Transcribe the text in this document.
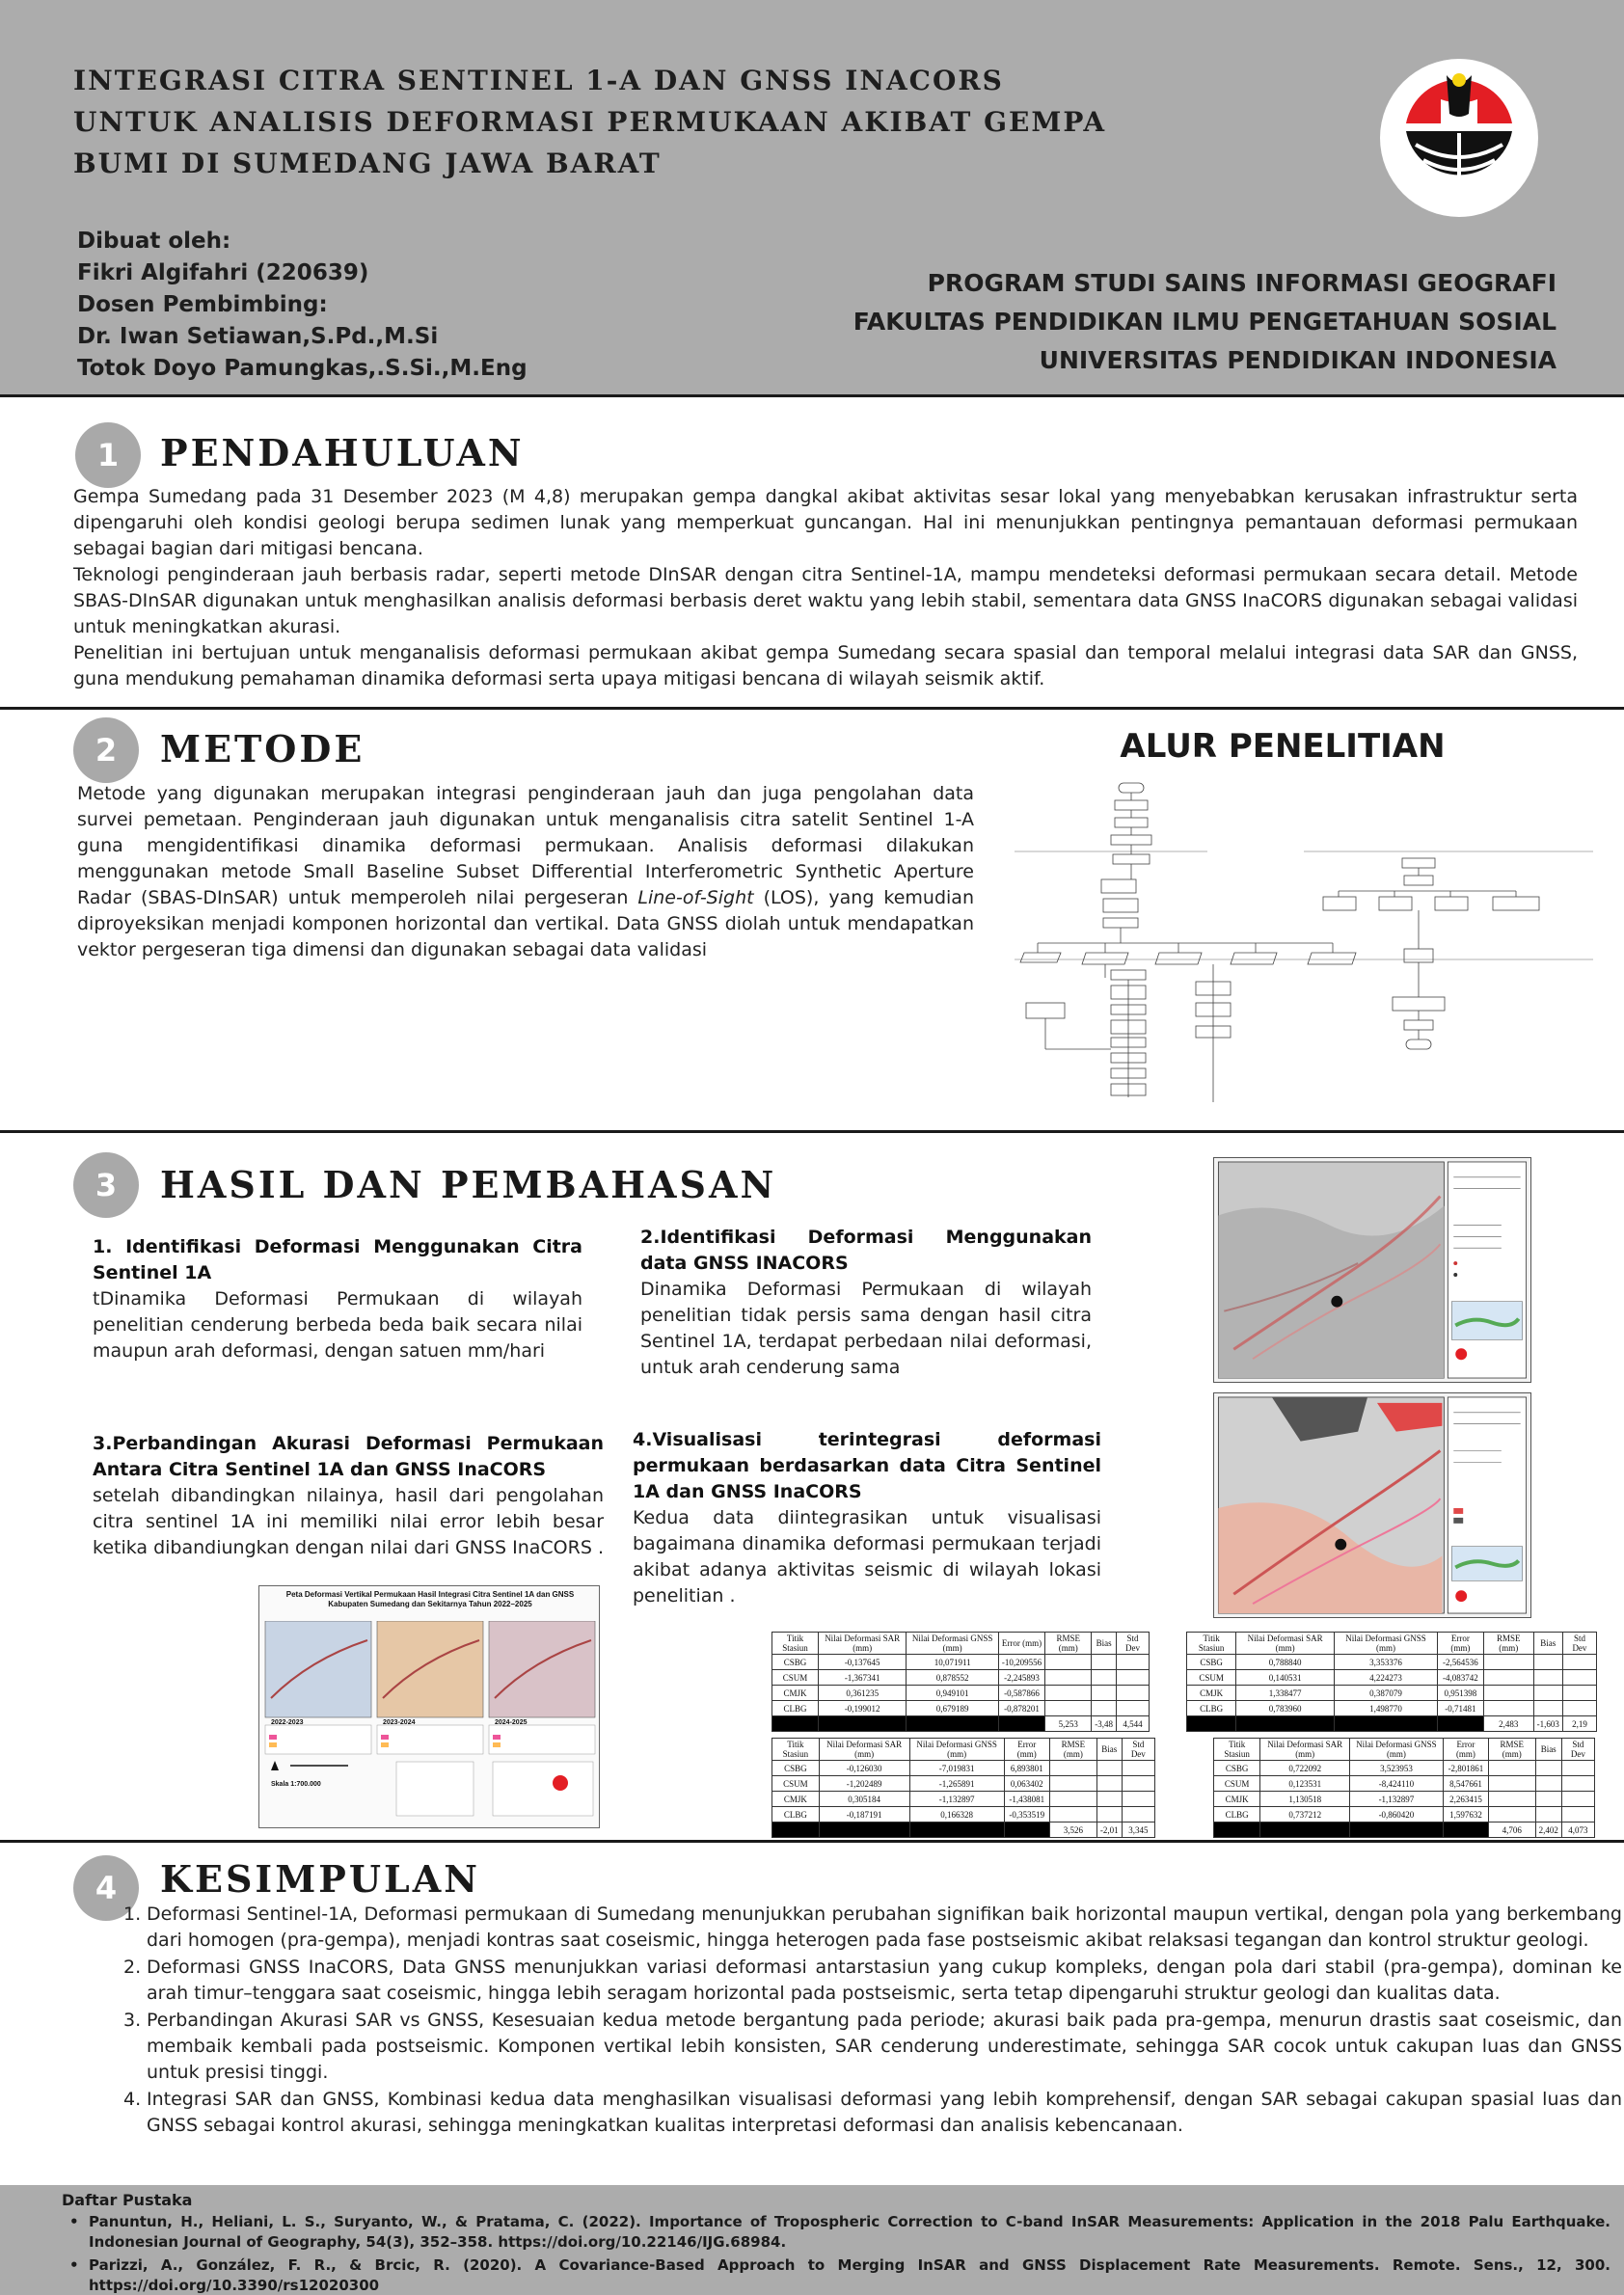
INTEGRASI CITRA SENTINEL 1-A DAN GNSS INACORS UNTUK ANALISIS DEFORMASI PERMUKAAN AKIBAT GEMPA BUMI DI SUMEDANG JAWA BARAT
Dibuat oleh:
Fikri Algifahri (220639)
Dosen Pembimbing:
Dr. Iwan Setiawan,S.Pd.,M.Si
Totok Doyo Pamungkas,.S.Si.,M.Eng
PROGRAM STUDI SAINS INFORMASI GEOGRAFI
FAKULTAS PENDIDIKAN ILMU PENGETAHUAN SOSIAL
UNIVERSITAS PENDIDIKAN INDONESIA
1	PENDAHULUAN

Gempa Sumedang pada 31 Desember 2023 (M 4,8) merupakan gempa dangkal akibat aktivitas sesar lokal yang menyebabkan kerusakan infrastruktur serta dipengaruhi oleh kondisi geologi berupa sedimen lunak yang memperkuat guncangan. Hal ini menunjukkan pentingnya pemantauan deformasi permukaan sebagai bagian dari mitigasi bencana.

Teknologi penginderaan jauh berbasis radar, seperti metode DInSAR dengan citra Sentinel-1A, mampu mendeteksi deformasi permukaan secara detail. Metode SBAS-DInSAR digunakan untuk menghasilkan analisis deformasi berbasis deret waktu yang lebih stabil, sementara data GNSS InaCORS digunakan sebagai validasi untuk meningkatkan akurasi.

Penelitian ini bertujuan untuk menganalisis deformasi permukaan akibat gempa Sumedang secara spasial dan temporal melalui integrasi data SAR dan GNSS, guna mendukung pemahaman dinamika deformasi serta upaya mitigasi bencana di wilayah seismik aktif.

2	METODE
Metode yang digunakan merupakan integrasi penginderaan jauh dan juga pengolahan data survei pemetaan. Penginderaan jauh digunakan untuk menganalisis citra satelit Sentinel 1-A guna mengidentifikasi dinamika deformasi permukaan. Analisis deformasi dilakukan menggunakan metode Small Baseline Subset Differential Interferometric Synthetic Aperture Radar (SBAS-DInSAR) untuk memperoleh nilai pergeseran Line-of-Sight (LOS), yang kemudian diproyeksikan menjadi komponen horizontal dan vertikal. Data GNSS diolah untuk mendapatkan vektor pergeseran tiga dimensi dan digunakan sebagai data validasi
ALUR PENELITIAN
3	HASIL DAN PEMBAHASAN
1. Identifikasi Deformasi Menggunakan Citra Sentinel 1A
tDinamika Deformasi Permukaan di wilayah penelitian cenderung berbeda beda baik secara nilai maupun arah deformasi, dengan satuen mm/hari
2.Identifikasi Deformasi Menggunakan data GNSS INACORS
Dinamika Deformasi Permukaan di wilayah penelitian tidak persis sama dengan hasil citra Sentinel 1A, terdapat perbedaan nilai deformasi, untuk arah cenderung sama
3.Perbandingan Akurasi Deformasi Permukaan Antara Citra Sentinel 1A dan GNSS InaCORS
setelah dibandingkan nilainya, hasil dari pengolahan citra sentinel 1A ini memiliki nilai error lebih besar ketika dibandiungkan dengan nilai dari GNSS InaCORS .
4.Visualisasi terintegrasi deformasi permukaan berdasarkan data Citra Sentinel 1A dan GNSS InaCORS
Kedua data diintegrasikan untuk visualisasi bagaimana dinamika deformasi permukaan terjadi akibat adanya aktivitas seismic di wilayah lokasi penelitian .
Peta Deformasi Vertikal Permukaan Hasil Integrasi Citra Sentinel 1A dan GNSS Kabupaten Sumedang dan Sekitarnya Tahun 2022–2025
2022-2023	2023-2024	2024-2025
Skala 1:700.000
Titik Stasiun	Nilai Deformasi SAR (mm)	Nilai Deformasi GNSS (mm)	Error (mm)	RMSE (mm)	Bias	Std Dev
CSBG	-0,137645	10,071911	-10,209556			
CSUM	-1,367341	0,878552	-2,245893			
CMJK	0,361235	0,949101	-0,587866			
CLBG	-0,199012	0,679189	-0,878201			
				5,253	-3,48	4,544
Titik Stasiun	Nilai Deformasi SAR (mm)	Nilai Deformasi GNSS (mm)	Error (mm)	RMSE (mm)	Bias	Std Dev
CSBG	0,788840	3,353376	-2,564536			
CSUM	0,140531	4,224273	-4,083742			
CMJK	1,338477	0,387079	0,951398			
CLBG	0,783960	1,498770	-0,71481			
				2,483	-1,603	2,19
Titik Stasiun	Nilai Deformasi SAR (mm)	Nilai Deformasi GNSS (mm)	Error (mm)	RMSE (mm)	Bias	Std Dev
CSBG	-0,126030	-7,019831	6,893801			
CSUM	-1,202489	-1,265891	0,063402			
CMJK	0,305184	-1,132897	-1,438081			
CLBG	-0,187191	0,166328	-0,353519			
				3,526	-2,01	3,345
Titik Stasiun	Nilai Deformasi SAR (mm)	Nilai Deformasi GNSS (mm)	Error (mm)	RMSE (mm)	Bias	Std Dev
CSBG	0,722092	3,523953	-2,801861			
CSUM	0,123531	-8,424110	8,547661			
CMJK	1,130518	-1,132897	2,263415			
CLBG	0,737212	-0,860420	1,597632			
				4,706	2,402	4,073
4	KESIMPULAN
1. Deformasi Sentinel-1A, Deformasi permukaan di Sumedang menunjukkan perubahan signifikan baik horizontal maupun vertikal, dengan pola yang berkembang dari homogen (pra-gempa), menjadi kontras saat coseismic, hingga heterogen pada fase postseismic akibat relaksasi tegangan dan kontrol struktur geologi.
2. Deformasi GNSS InaCORS, Data GNSS menunjukkan variasi deformasi antarstasiun yang cukup kompleks, dengan pola dari stabil (pra-gempa), dominan ke arah timur–tenggara saat coseismic, hingga lebih seragam horizontal pada postseismic, serta tetap dipengaruhi struktur geologi dan kualitas data.
3. Perbandingan Akurasi SAR vs GNSS, Kesesuaian kedua metode bergantung pada periode; akurasi baik pada pra-gempa, menurun drastis saat coseismic, dan membaik kembali pada postseismic. Komponen vertikal lebih konsisten, SAR cenderung underestimate, sehingga SAR cocok untuk cakupan luas dan GNSS untuk presisi tinggi.
4. Integrasi SAR dan GNSS, Kombinasi kedua data menghasilkan visualisasi deformasi yang lebih komprehensif, dengan SAR sebagai cakupan spasial luas dan GNSS sebagai kontrol akurasi, sehingga meningkatkan kualitas interpretasi deformasi dan analisis kebencanaan.
Daftar Pustaka
• Panuntun, H., Heliani, L. S., Suryanto, W., & Pratama, C. (2022). Importance of Tropospheric Correction to C-band InSAR Measurements: Application in the 2018 Palu Earthquake. Indonesian Journal of Geography, 54(3), 352–358. https://doi.org/10.22146/IJG.68984.
• Parizzi, A., González, F. R., & Brcic, R. (2020). A Covariance-Based Approach to Merging InSAR and GNSS Displacement Rate Measurements. Remote. Sens., 12, 300. https://doi.org/10.3390/rs12020300
